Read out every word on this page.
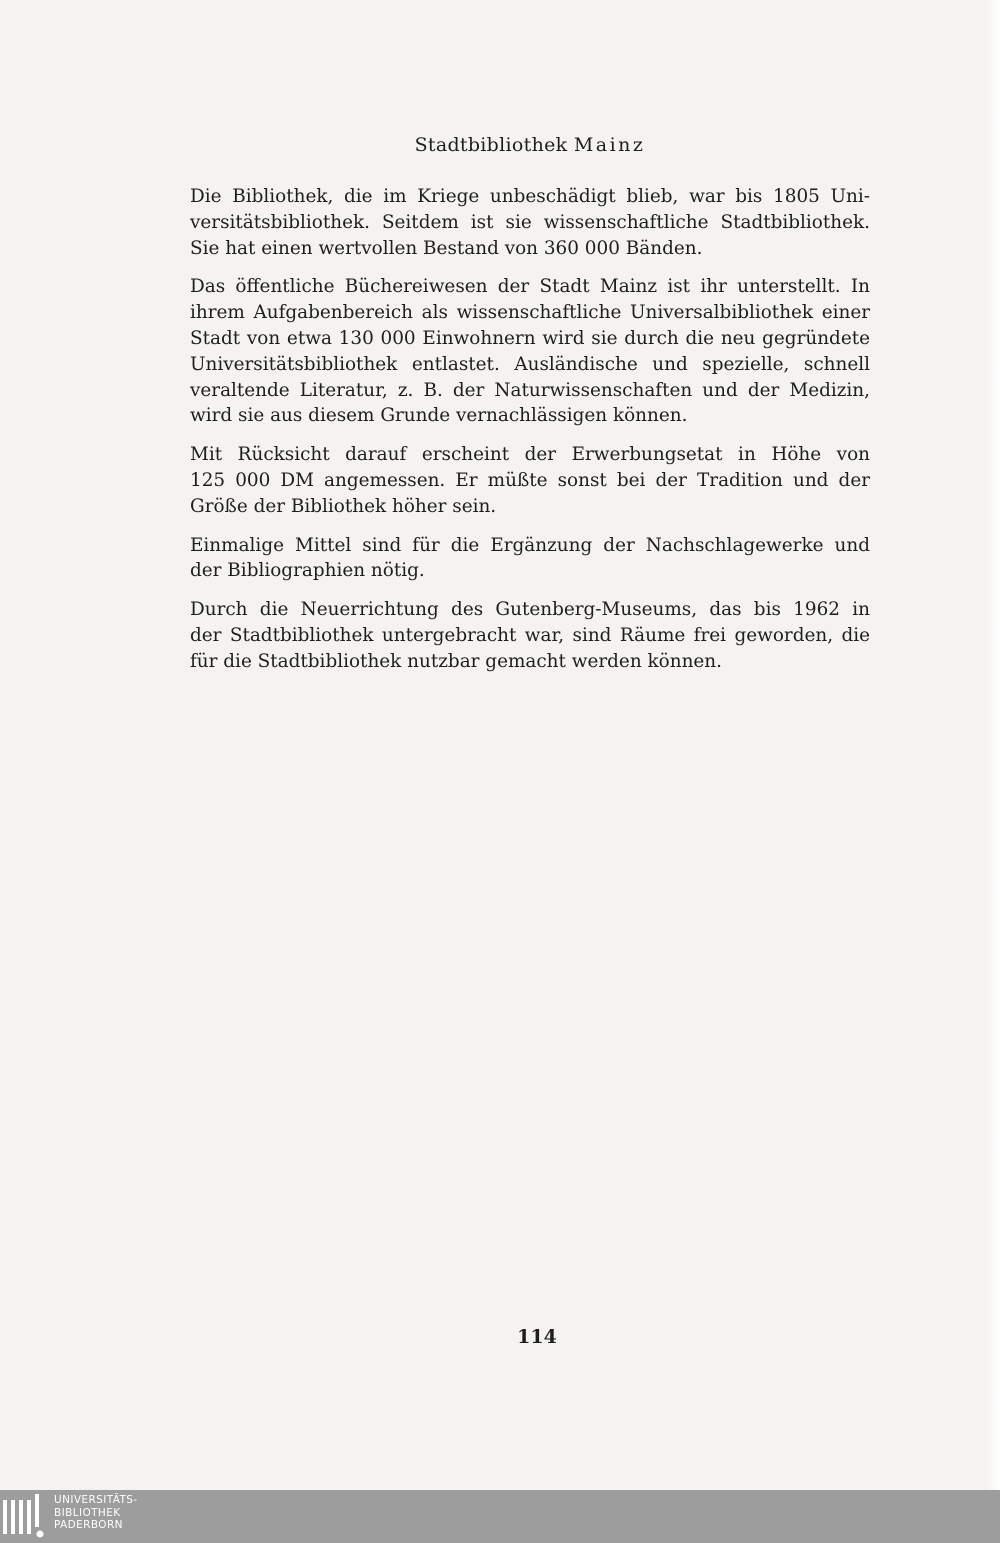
Stadtbibliothek Mainz

Die Bibliothek, die im Kriege unbeschädigt blieb, war bis 1805 Uni-
versitätsbibliothek. Seitdem ist sie wissenschaftliche Stadtbibliothek.
Sie hat einen wertvollen Bestand von 360 000 Bänden.

Das öffentliche Büchereiwesen der Stadt Mainz ist ihr unterstellt. In
ihrem Aufgabenbereich als wissenschaftliche Universalbibliothek einer
Stadt von etwa 130 000 Einwohnern wird sie durch die neu gegründete
Universitätsbibliothek entlastet. Ausländische und spezielle, schnell
veraltende Literatur, z. B. der Naturwissenschaften und der Medizin,
wird sie aus diesem Grunde vernachlässigen können.

Mit Rücksicht darauf erscheint der Erwerbungsetat in Höhe von
125 000 DM angemessen. Er müßte sonst bei der Tradition und der
Größe der Bibliothek höher sein.

Einmalige Mittel sind für die Ergänzung der Nachschlagewerke und
der Bibliographien nötig.

Durch die Neuerrichtung des Gutenberg-Museums, das bis 1962 in
der Stadtbibliothek untergebracht war, sind Räume frei geworden, die
für die Stadtbibliothek nutzbar gemacht werden können.

114
UNIVERSITÄTS-
BIBLIOTHEK
PADERBORN
